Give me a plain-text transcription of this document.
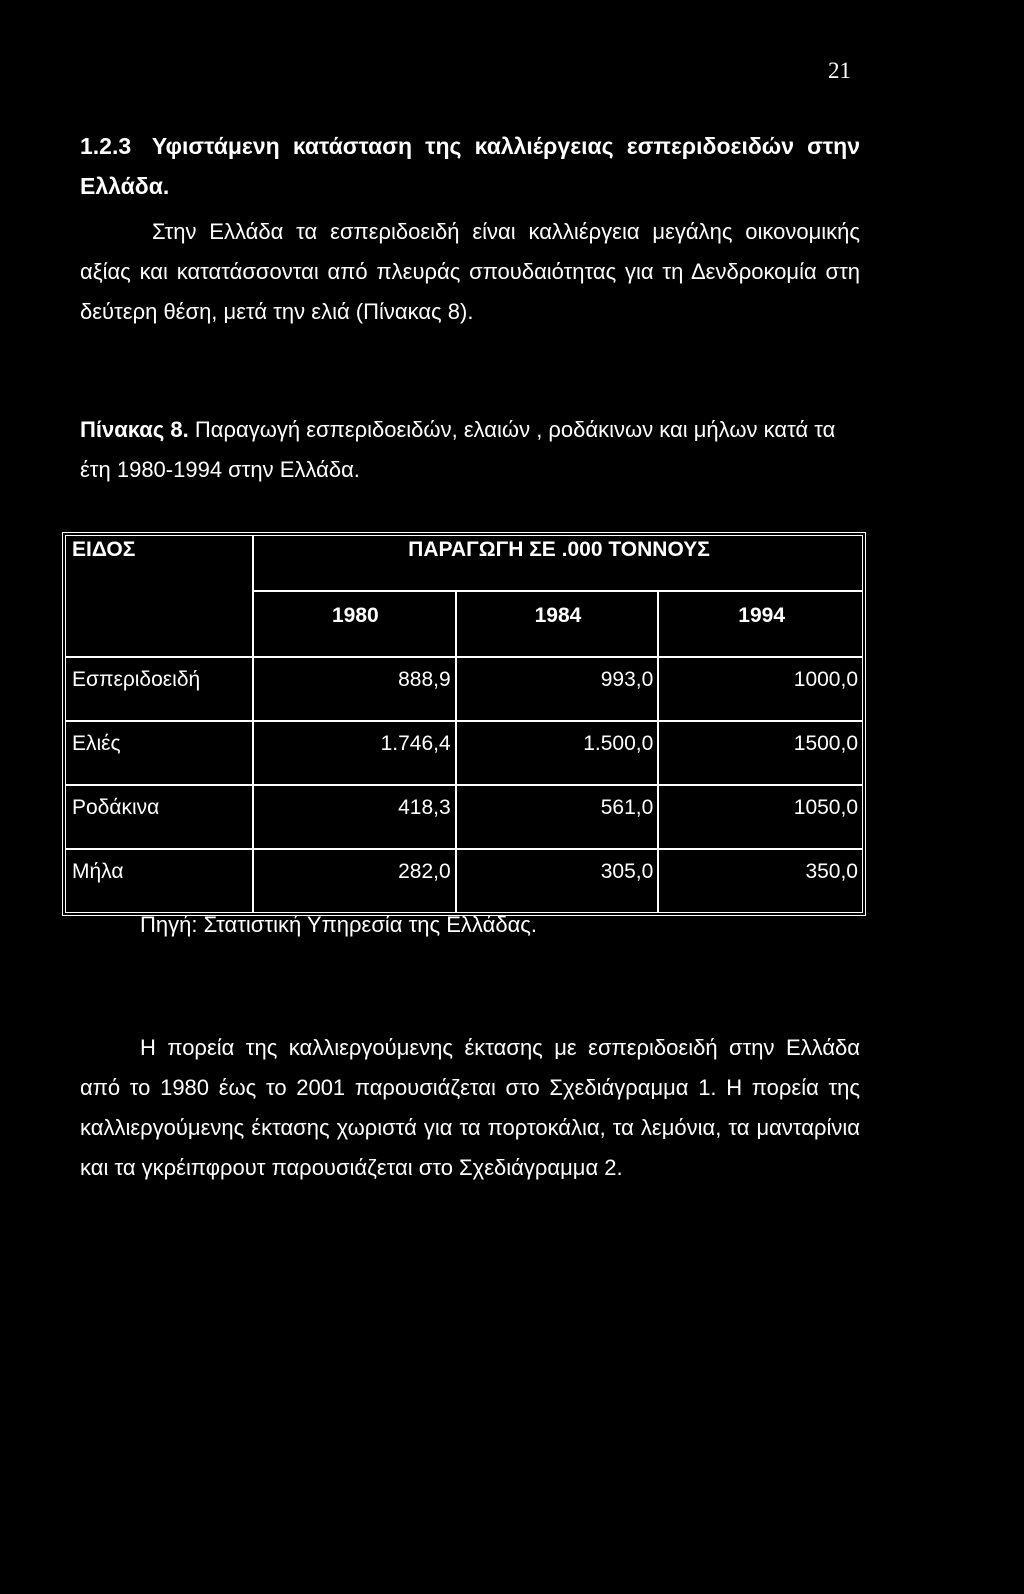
21
1.2.3 Υφιστάμενη κατάσταση της καλλιέργειας εσπεριδοειδών στην Ελλάδα.
Στην Ελλάδα τα εσπεριδοειδή είναι καλλιέργεια μεγάλης οικονομικής αξίας και κατατάσσονται από πλευράς σπουδαιότητας για τη Δενδροκομία στη δεύτερη θέση, μετά την ελιά (Πίνακας 8).
Πίνακας 8. Παραγωγή εσπεριδοειδών, ελαιών , ροδάκινων και μήλων κατά τα έτη 1980-1994 στην Ελλάδα.
ΕΙΔΟΣ	ΠΑΡΑΓΩΓΗ ΣΕ .000 ΤΟΝΝΟΥΣ		
	1980	1984	1994
Εσπεριδοειδή	888,9	993,0	1000,0
Ελιές	1.746,4	1.500,0	1500,0
Ροδάκινα	418,3	561,0	1050,0
Μήλα	282,0	305,0	350,0
Πηγή: Στατιστική Υπηρεσία της Ελλάδας.
Η πορεία της καλλιεργούμενης έκτασης με εσπεριδοειδή στην Ελλάδα από το 1980 έως το 2001 παρουσιάζεται στο Σχεδιάγραμμα 1. Η πορεία της καλλιεργούμενης έκτασης χωριστά για τα πορτοκάλια, τα λεμόνια, τα μανταρίνια και τα γκρέιπφρουτ παρουσιάζεται στο Σχεδιάγραμμα 2.
